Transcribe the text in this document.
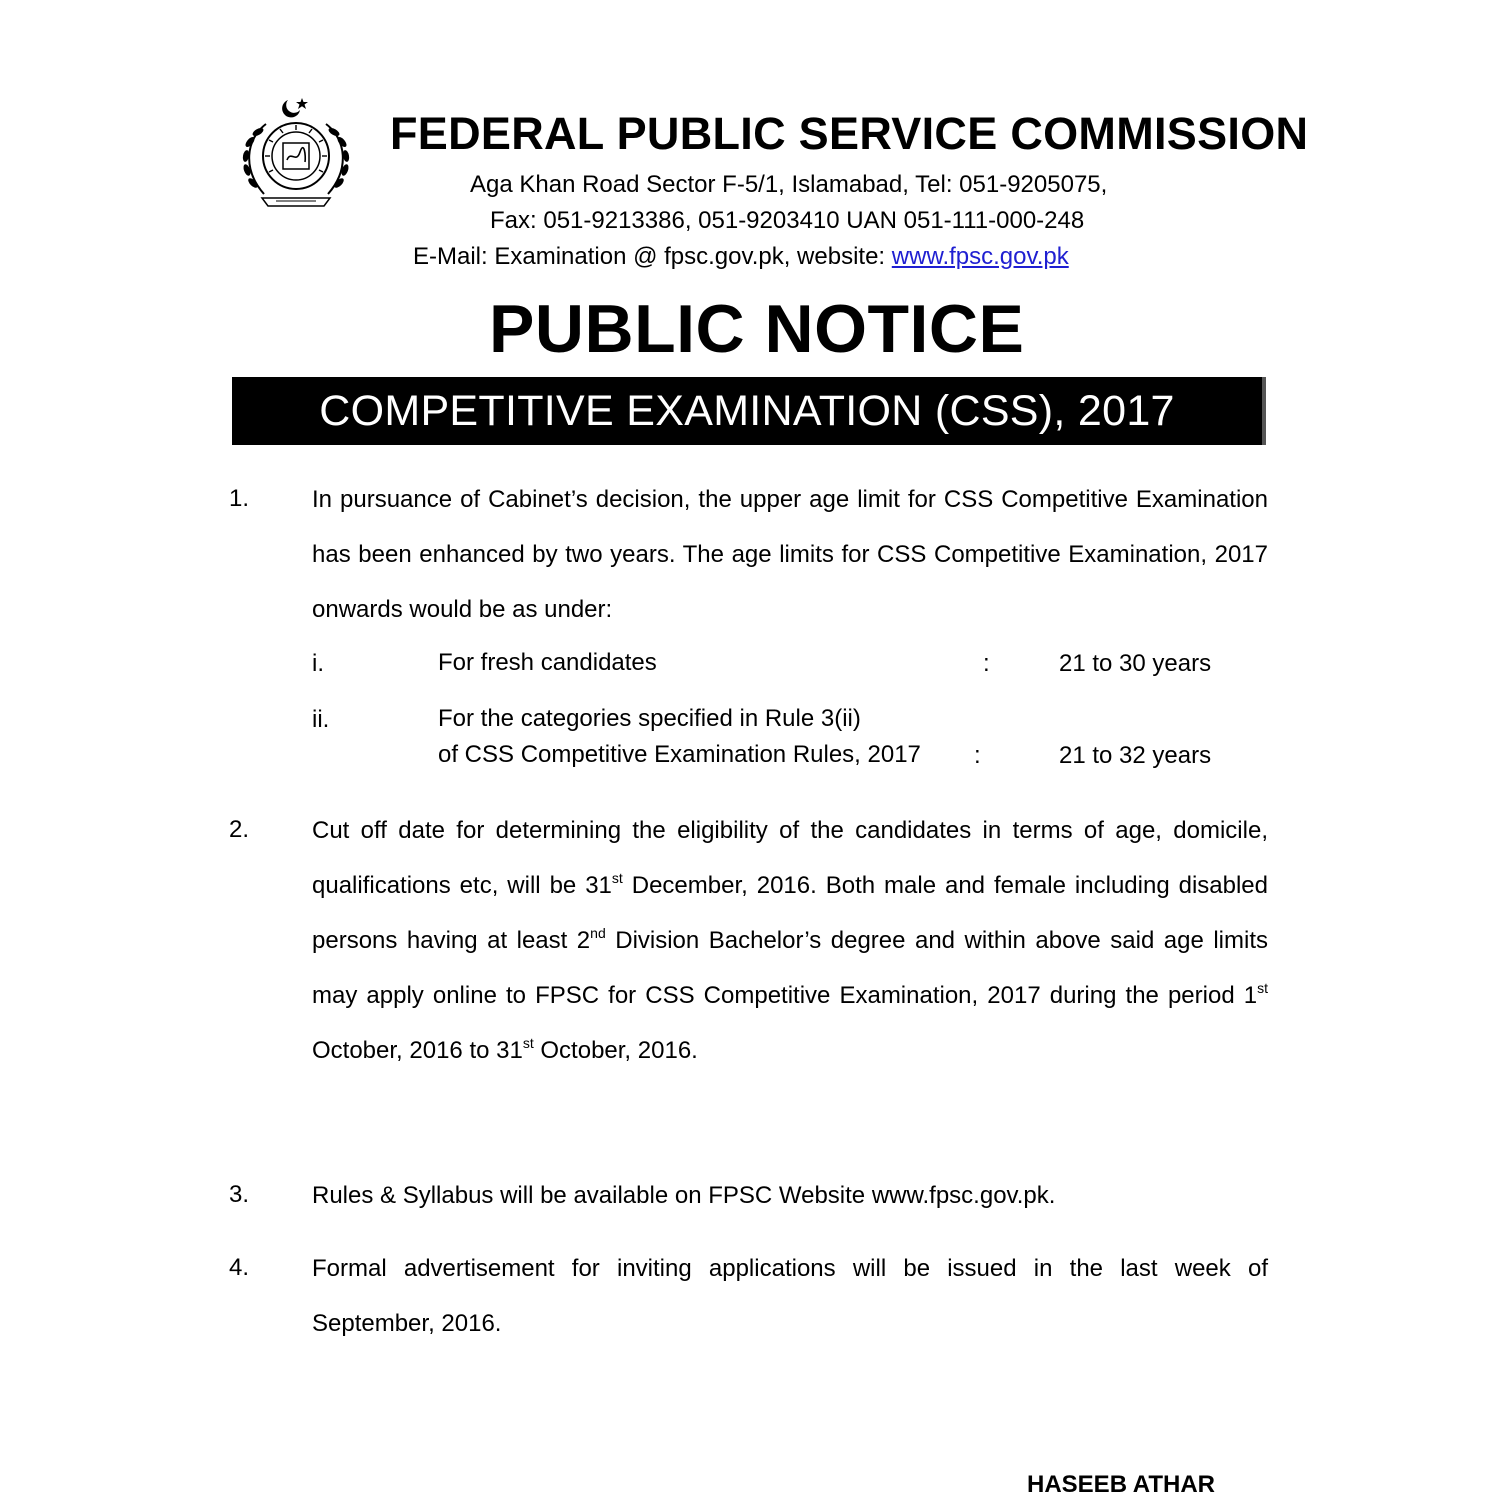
FEDERAL PUBLIC SERVICE COMMISSION
Aga Khan Road Sector F-5/1, Islamabad, Tel: 051-9205075,
Fax: 051-9213386, 051-9203410 UAN 051-111-000-248
E-Mail: Examination @ fpsc.gov.pk, website: www.fpsc.gov.pk
PUBLIC NOTICE
COMPETITIVE EXAMINATION (CSS), 2017
1.	In pursuance of Cabinet’s decision, the upper age limit for CSS Competitive Examination has been enhanced by two years. The age limits for CSS Competitive Examination, 2017 onwards would be as under:
i.	For fresh candidates	:	21 to 30 years
ii.	For the categories specified in Rule 3(ii)
of CSS Competitive Examination Rules, 2017 :	21 to 32 years
2.	Cut off date for determining the eligibility of the candidates in terms of age, domicile, qualifications etc, will be 31st December, 2016. Both male and female including disabled persons having at least 2nd Division Bachelor’s degree and within above said age limits may apply online to FPSC for CSS Competitive Examination, 2017 during the period 1st October, 2016 to 31st October, 2016.
3.	Rules & Syllabus will be available on FPSC Website www.fpsc.gov.pk.
4.	Formal advertisement for inviting applications will be issued in the last week of September, 2016.
HASEEB ATHAR
